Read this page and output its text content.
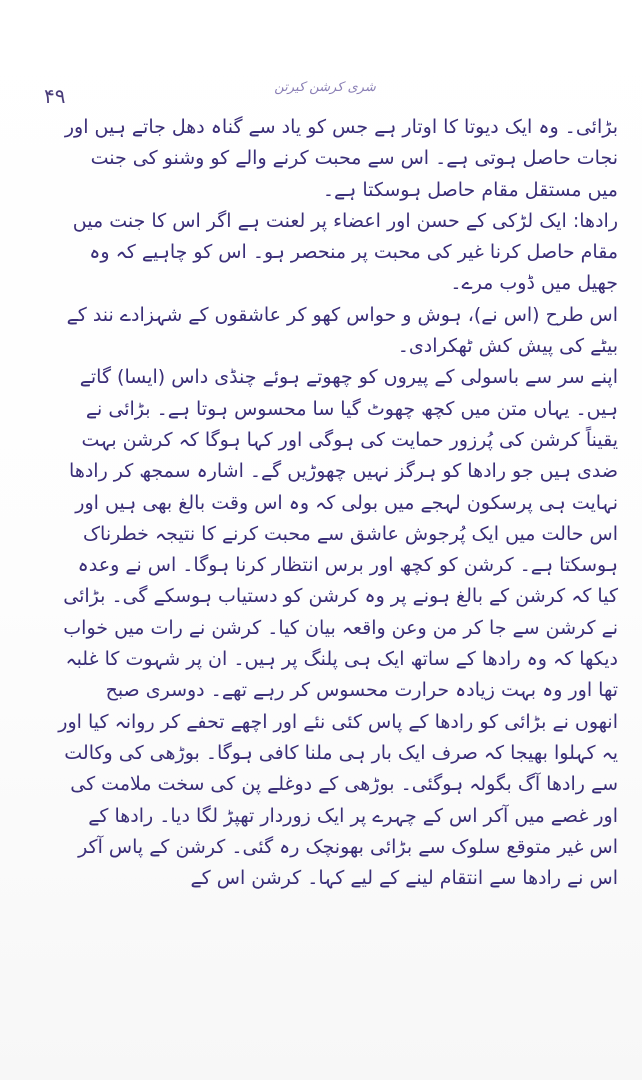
۴۹	شری کرشن کیرتن

بڑائی۔ وہ ایک دیوتا کا اوتار ہے جس کو یاد سے گناہ دھل جاتے ہیں اور نجات حاصل ہوتی ہے۔ اس سے محبت کرنے والے کو وشنو کی جنت میں مستقل مقام حاصل ہوسکتا ہے۔

رادھا: ایک لڑکی کے حسن اور اعضاء پر لعنت ہے اگر اس کا جنت میں مقام حاصل کرنا غیر کی محبت پر منحصر ہو۔ اس کو چاہیے کہ وہ جھیل میں ڈوب مرے۔

اس طرح (اس نے)، ہوش و حواس کھو کر عاشقوں کے شہزادے نند کے بیٹے کی پیش کش ٹھکرادی۔

اپنے سر سے باسولی کے پیروں کو چھوتے ہوئے چنڈی داس (ایسا) گاتے ہیں۔ یہاں متن میں کچھ چھوٹ گیا سا محسوس ہوتا ہے۔ بڑائی نے یقیناً کرشن کی پُرزور حمایت کی ہوگی اور کہا ہوگا کہ کرشن بہت ضدی ہیں جو رادھا کو ہرگز نہیں چھوڑیں گے۔ اشارہ سمجھ کر رادھا نہایت ہی پرسکون لہجے میں بولی کہ وہ اس وقت بالغ بھی ہیں اور اس حالت میں ایک پُرجوش عاشق سے محبت کرنے کا نتیجہ خطرناک ہوسکتا ہے۔ کرشن کو کچھ اور برس انتظار کرنا ہوگا۔ اس نے وعدہ کیا کہ کرشن کے بالغ ہونے پر وہ کرشن کو دستیاب ہوسکے گی۔ بڑائی نے کرشن سے جا کر من وعن واقعہ بیان کیا۔ کرشن نے رات میں خواب دیکھا کہ وہ رادھا کے ساتھ ایک ہی پلنگ پر ہیں۔ ان پر شہوت کا غلبہ تھا اور وہ بہت زیادہ حرارت محسوس کر رہے تھے۔ دوسری صبح انھوں نے بڑائی کو رادھا کے پاس کئی نئے اور اچھے تحفے کر روانہ کیا اور یہ کہلوا بھیجا کہ صرف ایک بار ہی ملنا کافی ہوگا۔ بوڑھی کی وکالت سے رادھا آگ بگولہ ہوگئی۔ بوڑھی کے دوغلے پن کی سخت ملامت کی اور غصے میں آکر اس کے چہرے پر ایک زوردار تھپڑ لگا دیا۔ رادھا کے اس غیر متوقع سلوک سے بڑائی بھونچک رہ گئی۔ کرشن کے پاس آکر اس نے رادھا سے انتقام لینے کے لیے کہا۔ کرشن اس کے
